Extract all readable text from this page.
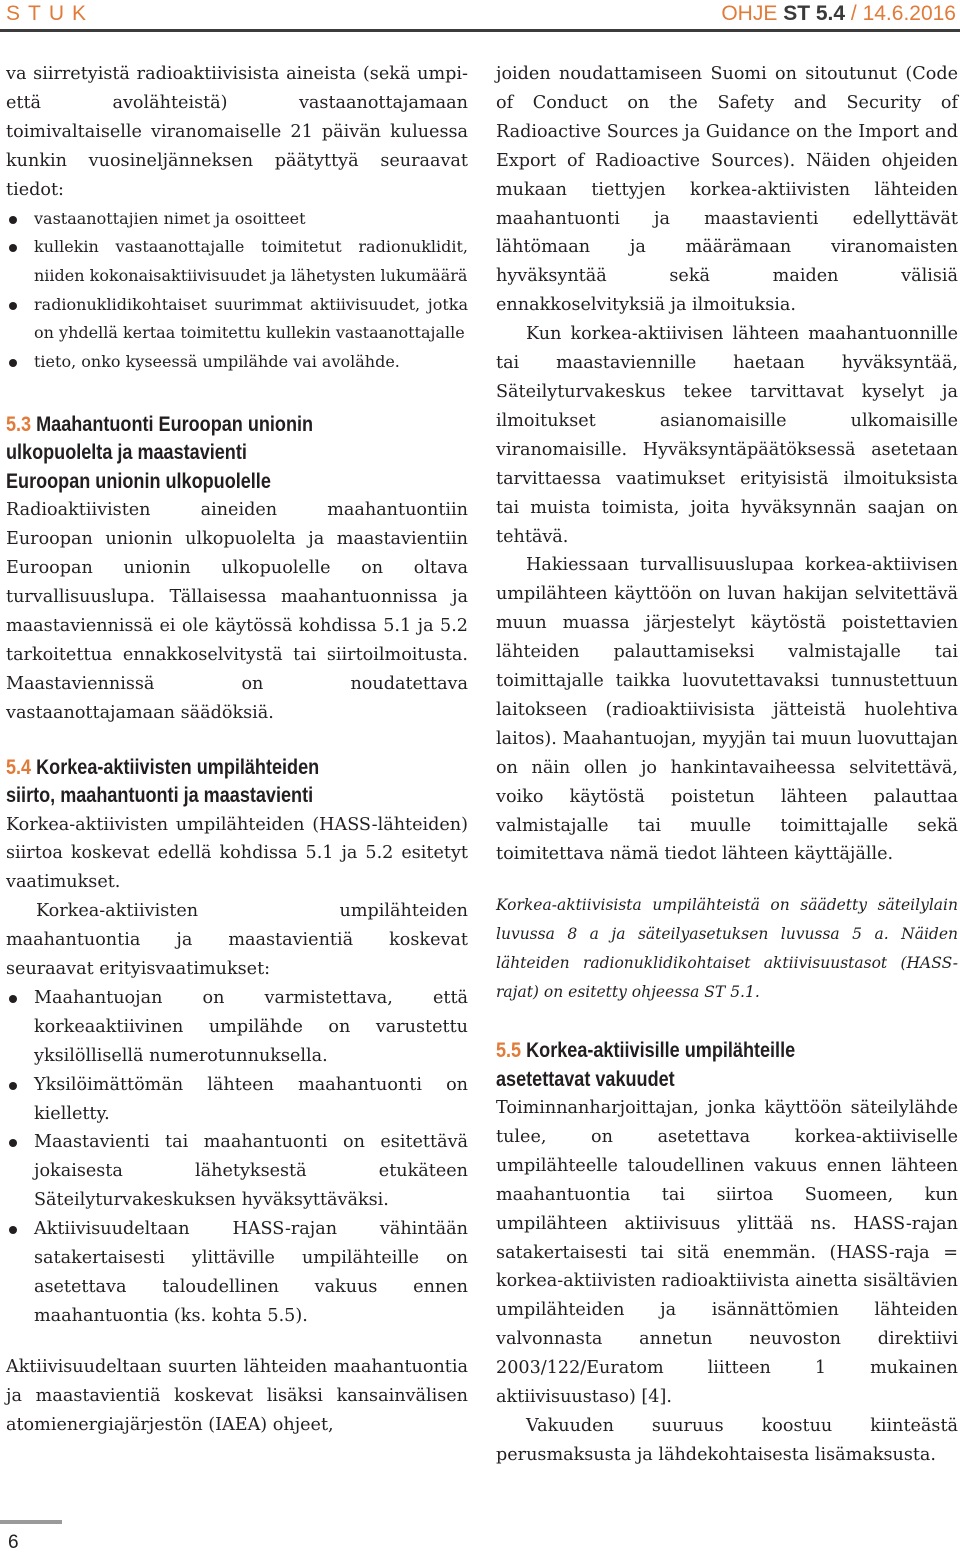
STUK	OHJE ST 5.4 / 14.6.2016

va siirretyistä radioaktiivisista aineista (sekä umpi- että avolähteistä) vastaanottajamaan toimivaltaiselle viranomaiselle 21 päivän kuluessa kunkin vuosineljänneksen päätyttyä seuraavat tiedot:

vastaanottajien nimet ja osoitteet
kullekin vastaanottajalle toimitetut radionuklidit, niiden kokonaisaktiivisuudet ja lähetysten lukumäärä
radionuklidikohtaiset suurimmat aktiivisuudet, jotka on yhdellä kertaa toimitettu kullekin vastaanottajalle
tieto, onko kyseessä umpilähde vai avolähde.
5.3 Maahantuonti Euroopan unionin
ulkopuolelta ja maastavienti
Euroopan unionin ulkopuolelle

Radioaktiivisten aineiden maahantuontiin Euroopan unionin ulkopuolelta ja maastavientiin Euroopan unionin ulkopuolelle on oltava turvallisuuslupa. Tällaisessa maahantuonnissa ja maastaviennissä ei ole käytössä kohdissa 5.1 ja 5.2 tarkoitettua ennakkoselvitystä tai siirtoilmoitusta. Maastaviennissä on noudatettava vastaanottajamaan säädöksiä.

5.4 Korkea-aktiivisten umpilähteiden
siirto, maahantuonti ja maastavienti

Korkea-aktiivisten umpilähteiden (HASS-lähteiden) siirtoa koskevat edellä kohdissa 5.1 ja 5.2 esitetyt vaatimukset.

Korkea-aktiivisten umpilähteiden maahantuontia ja maastavientiä koskevat seuraavat erityisvaatimukset:

Maahantuojan on varmistettava, että korkeaaktiivinen umpilähde on varustettu yksilöllisellä numerotunnuksella.
Yksilöimättömän lähteen maahantuonti on kielletty.
Maastavienti tai maahantuonti on esitettävä jokaisesta lähetyksestä etukäteen Säteilyturvakeskuksen hyväksyttäväksi.
Aktiivisuudeltaan HASS-rajan vähintään satakertaisesti ylittäville umpilähteille on asetettava taloudellinen vakuus ennen maahantuontia (ks. kohta 5.5).

Aktiivisuudeltaan suurten lähteiden maahantuontia ja maastavientiä koskevat lisäksi kansainvälisen atomienergiajärjestön (IAEA) ohjeet,

joiden noudattamiseen Suomi on sitoutunut (Code of Conduct on the Safety and Security of Radioactive Sources ja Guidance on the Import and Export of Radioactive Sources). Näiden ohjeiden mukaan tiettyjen korkea-aktiivisten lähteiden maahantuonti ja maastavienti edellyttävät lähtömaan ja määrämaan viranomaisten hyväksyntää sekä maiden välisiä ennakkoselvityksiä ja ilmoituksia.

Kun korkea-aktiivisen lähteen maahantuonnille tai maastaviennille haetaan hyväksyntää, Säteilyturvakeskus tekee tarvittavat kyselyt ja ilmoitukset asianomaisille ulkomaisille viranomaisille. Hyväksyntäpäätöksessä asetetaan tarvittaessa vaatimukset erityisistä ilmoituksista tai muista toimista, joita hyväksynnän saajan on tehtävä.

Hakiessaan turvallisuuslupaa korkea-aktiivisen umpilähteen käyttöön on luvan hakijan selvitettävä muun muassa järjestelyt käytöstä poistettavien lähteiden palauttamiseksi valmistajalle tai toimittajalle taikka luovutettavaksi tunnustettuun laitokseen (radioaktiivisista jätteistä huolehtiva laitos). Maahantuojan, myyjän tai muun luovuttajan on näin ollen jo hankintavaiheessa selvitettävä, voiko käytöstä poistetun lähteen palauttaa valmistajalle tai muulle toimittajalle sekä toimitettava nämä tiedot lähteen käyttäjälle.

Korkea-aktiivisista umpilähteistä on säädetty säteilylain luvussa 8 a ja säteilyasetuksen luvussa 5 a. Näiden lähteiden radionuklidikohtaiset aktiivisuustasot (HASS-rajat) on esitetty ohjeessa ST 5.1.

5.5 Korkea-aktiivisille umpilähteille
asetettavat vakuudet

Toiminnanharjoittajan, jonka käyttöön säteilylähde tulee, on asetettava korkea-aktiiviselle umpilähteelle taloudellinen vakuus ennen lähteen maahantuontia tai siirtoa Suomeen, kun umpilähteen aktiivisuus ylittää ns. HASS-rajan satakertaisesti tai sitä enemmän. (HASS-raja = korkea-aktiivisten radioaktiivista ainetta sisältävien umpilähteiden ja isännättömien lähteiden valvonnasta annetun neuvoston direktiivi 2003/122/Euratom liitteen 1 mukainen aktiivisuustaso) [4].

Vakuuden suuruus koostuu kiinteästä perusmaksusta ja lähdekohtaisesta lisämaksusta.

6
